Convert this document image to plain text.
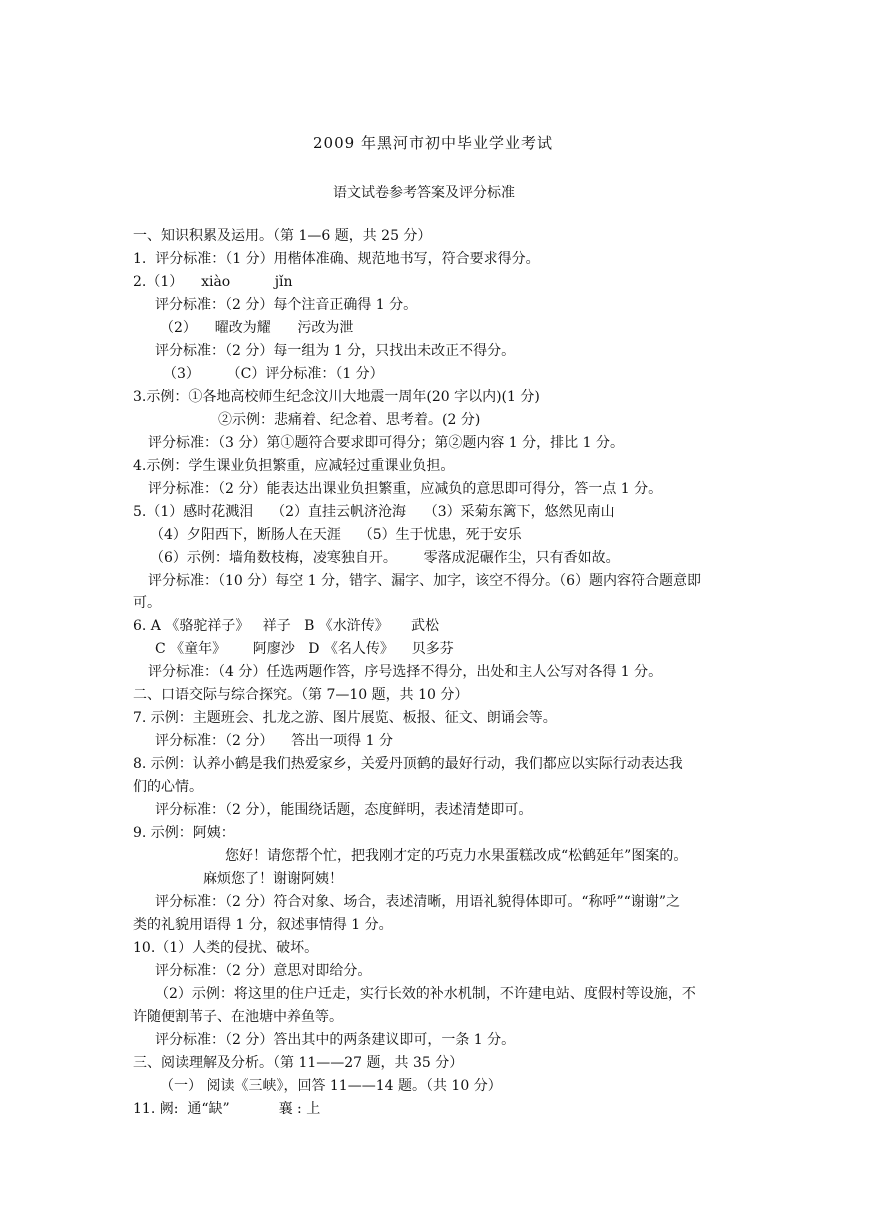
2009 年黑河市初中毕业学业考试
语文试卷参考答案及评分标准
一、知识积累及运用。（第 1—6 题，共 25 分）
1.  评分标准：（1 分）用楷体准确、规范地书写，符合要求得分。
2.（1）    xiào          jǐn
评分标准：（2 分）每个注音正确得 1 分。
（2）    曜改为耀      污改为泄
评分标准：（2 分）每一组为 1 分，只找出未改正不得分。
（3）      （C）评分标准：（1 分）
3.示例：①各地高校师生纪念汶川大地震一周年(20 字以内)(1 分)
②示例：悲痛着、纪念着、思考着。(2 分)
评分标准：（3 分）第①题符合要求即可得分；第②题内容 1 分，排比 1 分。
4.示例：学生课业负担繁重，应减轻过重课业负担。
评分标准：（2 分）能表达出课业负担繁重，应减负的意思即可得分，答一点 1 分。
5.（1）感时花溅泪    （2）直挂云帆济沧海    （3）采菊东篱下，悠然见南山
（4）夕阳西下，断肠人在天涯    （5）生于忧患，死于安乐
（6）示例：墙角数枝梅，凌寒独自开。      零落成泥碾作尘，只有香如故。
评分标准：（10 分）每空 1 分，错字、漏字、加字，该空不得分。（6）题内容符合题意即
可。
6. A 《骆驼祥子》   祥子   B 《水浒传》     武松
C 《童年》      阿廖沙   D 《名人传》    贝多芬
评分标准：（4 分）任选两题作答，序号选择不得分，出处和主人公写对各得 1 分。
二、口语交际与综合探究。（第 7—10 题，共 10 分）
7. 示例：主题班会、扎龙之游、图片展览、板报、征文、朗诵会等。
评分标准：（2 分）    答出一项得 1 分
8. 示例：认养小鹤是我们热爱家乡，关爱丹顶鹤的最好行动，我们都应以实际行动表达我
们的心情。
评分标准：（2 分），能围绕话题，态度鲜明，表述清楚即可。
9. 示例：阿姨：
您好！请您帮个忙，把我刚才定的巧克力水果蛋糕改成“松鹤延年”图案的。
麻烦您了！谢谢阿姨！
评分标准：（2 分）符合对象、场合，表述清晰，用语礼貌得体即可。“称呼”“谢谢”之
类的礼貌用语得 1 分，叙述事情得 1 分。
10.（1）人类的侵扰、破坏。
评分标准：（2 分）意思对即给分。
（2）示例：将这里的住户迁走，实行长效的补水机制，不许建电站、度假村等设施，不
许随便割苇子、在池塘中养鱼等。
评分标准：（2 分）答出其中的两条建议即可，一条 1 分。
三、阅读理解及分析。（第 11——27 题，共 35 分）
（一） 阅读《三峡》，回答 11——14 题。（共 10 分）
11. 阙:  通“缺”           襄 : 上
